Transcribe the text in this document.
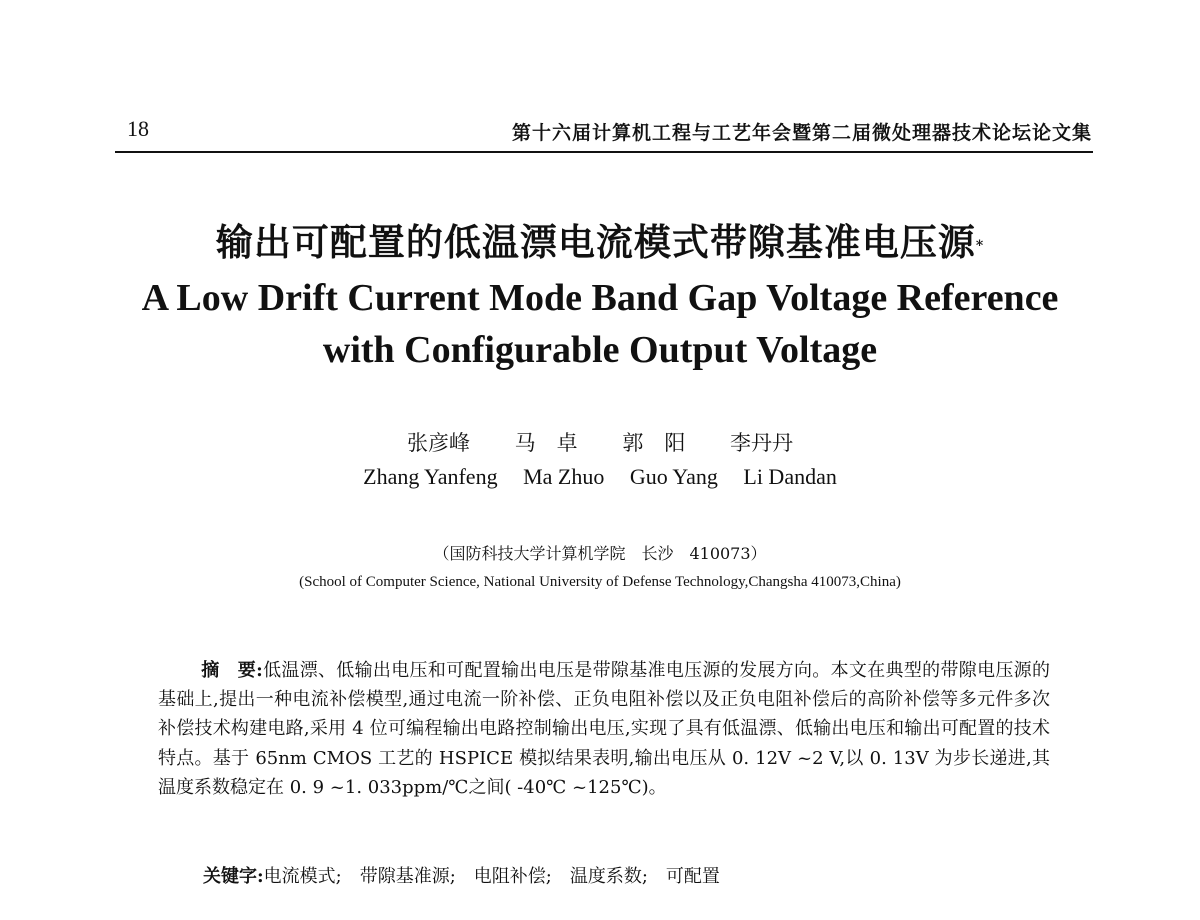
18	第十六届计算机工程与工艺年会暨第二届微处理器技术论坛论文集
输出可配置的低温漂电流模式带隙基准电压源*
A Low Drift Current Mode Band Gap Voltage Reference
with Configurable Output Voltage
张彦峰 马　卓 郭　阳 李丹丹
Zhang Yanfeng Ma Zhuo Guo Yang Li Dandan
（国防科技大学计算机学院　长沙　410073）
(School of Computer Science, National University of Defense Technology,Changsha 410073,China)

摘　要:低温漂、低输出电压和可配置输出电压是带隙基准电压源的发展方向。本文在典型的带隙电压源的基础上,提出一种电流补偿模型,通过电流一阶补偿、正负电阻补偿以及正负电阻补偿后的高阶补偿等多元件多次补偿技术构建电路,采用 4 位可编程输出电路控制输出电压,实现了具有低温漂、低输出电压和输出可配置的技术特点。基于 65nm CMOS 工艺的 HSPICE 模拟结果表明,输出电压从 0. 12V ~2 V,以 0. 13V 为步长递进,其温度系数稳定在 0. 9 ~1. 033ppm/℃之间( -40℃ ~125℃)。

关键字:电流模式;　带隙基准源;　电阻补偿;　温度系数;　可配置
